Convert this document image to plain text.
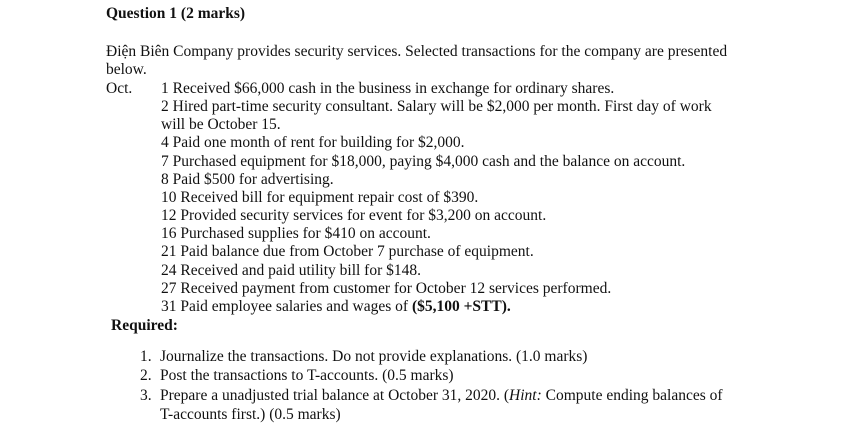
Question 1 (2 marks)
Điện Biên Company provides security services. Selected transactions for the company are presented
below.
Oct. 1 Received $66,000 cash in the business in exchange for ordinary shares.
2 Hired part-time security consultant. Salary will be $2,000 per month. First day of work
will be October 15.
4 Paid one month of rent for building for $2,000.
7 Purchased equipment for $18,000, paying $4,000 cash and the balance on account.
8 Paid $500 for advertising.
10 Received bill for equipment repair cost of $390.
12 Provided security services for event for $3,200 on account.
16 Purchased supplies for $410 on account.
21 Paid balance due from October 7 purchase of equipment.
24 Received and paid utility bill for $148.
27 Received payment from customer for October 12 services performed.
31 Paid employee salaries and wages of ($5,100 +STT).
Required:
1. Journalize the transactions. Do not provide explanations. (1.0 marks)
2. Post the transactions to T-accounts. (0.5 marks)
3. Prepare a unadjusted trial balance at October 31, 2020. (Hint: Compute ending balances of
T-accounts first.) (0.5 marks)
